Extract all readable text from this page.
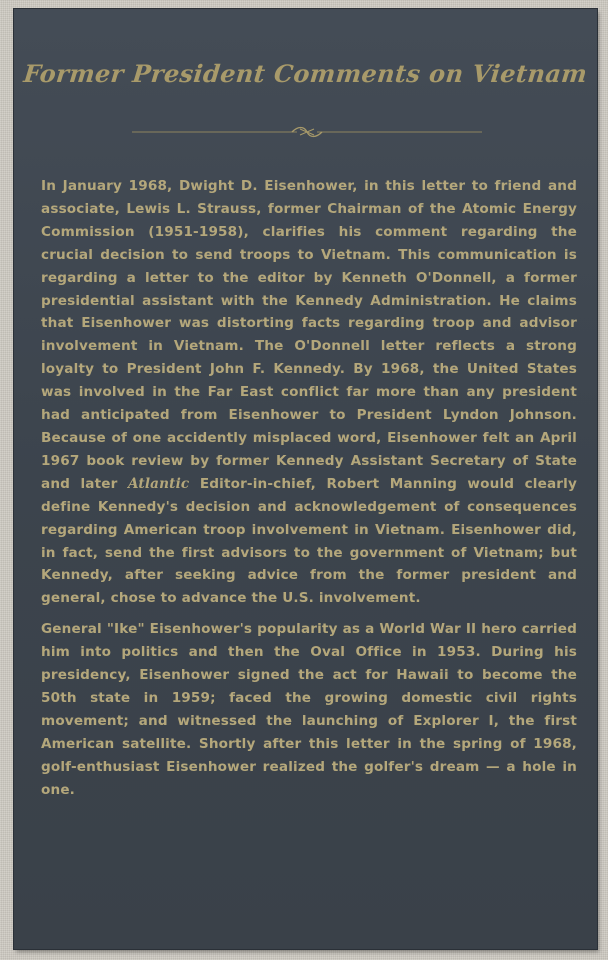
Former President Comments on Vietnam

In January 1968, Dwight D. Eisenhower, in this letter to friend and associate, Lewis L. Strauss, former Chairman of the Atomic Energy Commission (1951-1958), clarifies his comment regarding the crucial decision to send troops to Vietnam. This communication is regarding a letter to the editor by Kenneth O'Donnell, a former presidential assistant with the Kennedy Administration. He claims that Eisenhower was distorting facts regarding troop and advisor involvement in Vietnam. The O'Donnell letter reflects a strong loyalty to President John F. Kennedy. By 1968, the United States was involved in the Far East conflict far more than any president had anticipated from Eisenhower to President Lyndon Johnson. Because of one accidently misplaced word, Eisenhower felt an April 1967 book review by former Kennedy Assistant Secretary of State and later Atlantic Editor-in-chief, Robert Manning would clearly define Kennedy's decision and acknowledgement of consequences regarding American troop involvement in Vietnam. Eisenhower did, in fact, send the first advisors to the government of Vietnam; but Kennedy, after seeking advice from the former president and general, chose to advance the U.S. involvement.

General "Ike" Eisenhower's popularity as a World War II hero carried him into politics and then the Oval Office in 1953. During his presidency, Eisenhower signed the act for Hawaii to become the 50th state in 1959; faced the growing domestic civil rights movement; and witnessed the launching of Explorer I, the first American satellite. Shortly after this letter in the spring of 1968, golf-enthusiast Eisenhower realized the golfer's dream — a hole in one.
